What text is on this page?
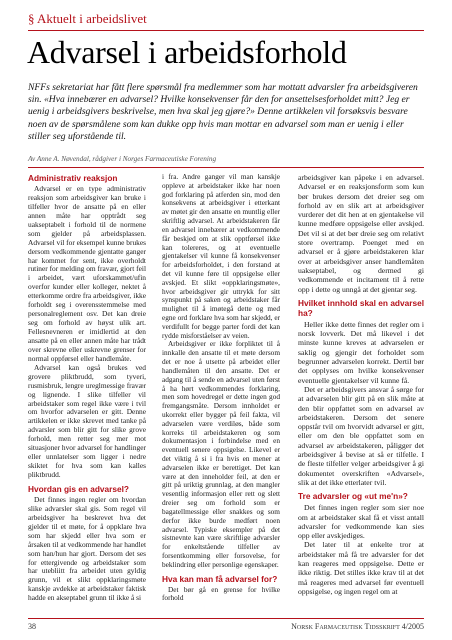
§ Aktuelt i arbeidslivet
Advarsel i arbeidsforhold

NFFs sekretariat har fått flere spørsmål fra medlemmer som har mottatt advarsler fra arbeidsgiveren sin. «Hva innebærer en advarsel? Hvilke konsekvenser får den for ansettelsesforholdet mitt? Jeg er uenig i arbeidsgivers beskrivelse, men hva skal jeg gjøre?» Denne artikkelen vil forsøksvis besvare noen av de spørsmålene som kan dukke opp hvis man mottar en advarsel som man er uenig i eller stiller seg uforstående til.

Av Anne A. Nøvendal, rådgiver i Norges Farmaceutiske Forening

Administrativ reaksjon

Advarsel er en type administrativ reaksjon som arbeidsgiver kan bruke i tilfeller hvor de ansatte på en eller annen måte har opptrådt seg uakseptabelt i forhold til de normene som gjelder på arbeidsplassen. Advarsel vil for eksempel kunne brukes dersom vedkommende gjentatte ganger har kommet for sent, ikke overholdt rutiner for melding om fravær, gjort feil i arbeidet, vært uforskammet/ufin overfor kunder eller kolleger, nektet å etterkomme ordre fra arbeidsgiver, ikke forholdt seg i overensstemmelse med personalreglement osv. Det kan dreie seg om forhold av høyst ulik art. Fellesnevneren er imidlertid at den ansatte på en eller annen måte har trådt over skrevne eller uskrevne grenser for normal oppførsel eller handlemåte.

Advarsel kan også brukes ved grovere pliktbrudd, som tyveri, rusmisbruk, lengre ureglmessige fravær og lignende. I slike tilfeller vil arbeidstaker som regel ikke være i tvil om hvorfor advarselen er gitt. Denne artikkelen er ikke skrevet med tanke på advarsler som blir gitt for slike grove forhold, men retter seg mer mot situasjoner hvor advarsel for handlinger eller unnlatelser som ligger i nedre skiktet for hva som kan kalles pliktbrudd.

Hvordan gis en advarsel?

Det finnes ingen regler om hvordan slike advarsler skal gis. Som regel vil arbeidsgiver ha beskrevet hva det gjelder til et møte, for å oppklare hva som har skjedd eller hva som er årsaken til at vedkommende har handlet som han/hun har gjort. Dersom det ses for ettergivende og arbeidstaker som har utebliitt fra arbeidet uten gyldig grunn, vil et slikt oppklaringsmøte kanskje avdekke at arbeidstaker faktisk hadde en akseptabel grunn til ikke å si

i fra. Andre ganger vil man kanskje oppleve at arbeidstaker ikke har noen god forklaring på atferden sin, mod den konsekvens at arbeidsgiver i etterkant av møtet gir den ansatte en muntlig eller skriftlig advarsel. At arbeidstakeren får en advarsel innebærer at vedkommende får beskjed om at slik opptførsel ikke kan tolereres, og at eventuelle gjentakelser vil kunne få konsekvenser for arbeidsforholdet, i den forstand at det vil kunne føre til oppsigelse eller avskjed. Et slikt «oppklaringsmøte», hvor arbeidsgiver gir uttrykk for sitt synspunkt på saken og arbeidstaker får mulighet til å imøtegå dette og med egne ord forklare hva som har skjedd, er verdifullt for begge parter fordi det kan rydde misforståelser av veien.

Arbeidsgiver er ikke forpliktet til å innkalle den ansatte til et møte dersom det er noe å utsette på arbeidet eller handlemåten til den ansatte. Det er adgang til å sende en advarsel uten først å ha hørt vedkommendes forklaring, men som hovedregel er dette ingen god fremgangsmåte. Dersom innholdet er ukorrekt eller bygger på feil fakta, vil advarselen være verdiløs, både som korreks til arbeidstakeren og som dokumentasjon i forbindelse med en eventuell senere oppsigelse. Likevel er det viktig å si i fra hvis en mener at advarselen ikke er berettiget. Det kan være at den inneholder feil, at den er gitt på uriktig grunnlag, at den mangler vesentlig informasjon eller rett og slett dreier seg om forhold som er bagatellmessige eller snakkes og som derfor ikke burde medført noen advarsel. Typiske eksempler på det sistnevnte kan være skriftlige advarsler for enkeltstående tilfeller av forsentkomming eller forsovelse, for beklindring eller personlige egenskaper.

Hva kan man få advarsel for?

Det bør gå en grense for hvilke forhold

arbeidsgiver kan påpeke i en advarsel. Advarsel er en reaksjonsform som kun bør brukes dersom det dreier seg om forhold av en slik art at arbeidsgiver vurderer det dit hen at en gjentakelse vil kunne medføre oppsigelse eller avskjed. Det vil si at det bør dreie seg om relativt store overtramp. Poenget med en advarsel er å gjøre arbeidstakeren klar over at arbeidsgiver anser handlemåten uakseptabel, og dermed gi vedkommende et incitament til å rette opp i dette og unngå at det gjentar seg.

Hvilket innhold skal en advarsel ha?

Heller ikke dette finnes det regler om i norsk lovverk. Det må likevel i det minste kunne kreves at advarselen er saklig og gjengir det forholdet som begrunner advarselen korrekt. Dertil bør det opplyses om hvilke konsekvenser eventuelle gjentakelser vil kunne få.

Det er arbeidsgivers ansvar å sørge for at advarselen blir gitt på en slik måte at den blir oppfattet som en advarsel av arbeidstakeren. Dersom det senere oppstår tvil om hvorvidt advarsel er gitt, eller om den ble oppfattet som en advarsel av arbeidstakeren, påligger det arbeidsgiver å bevise at så er tilfelle. I de fleste tilfeller velger arbeidsgiver å gi dokumentet overskriften «Advarsel», slik at det ikke etterlater tvil.

Tre advarsler og «ut me'n»?

Det finnes ingen regler som sier noe om at arbeidstaker skal få et visst antall advarsler for vedkommende kan sies opp eller avskjediges.

Det later til at enkelte tror at arbeidstaker må få tre advarsler for det kan reageres med oppsigelse. Dette er ikke riktig. Det stilles ikke krav til at det må reageres med advarsel før eventuell oppsigelse, og ingen regel om at

38	Norsk Farmaceutisk Tidsskrift 4/2005
